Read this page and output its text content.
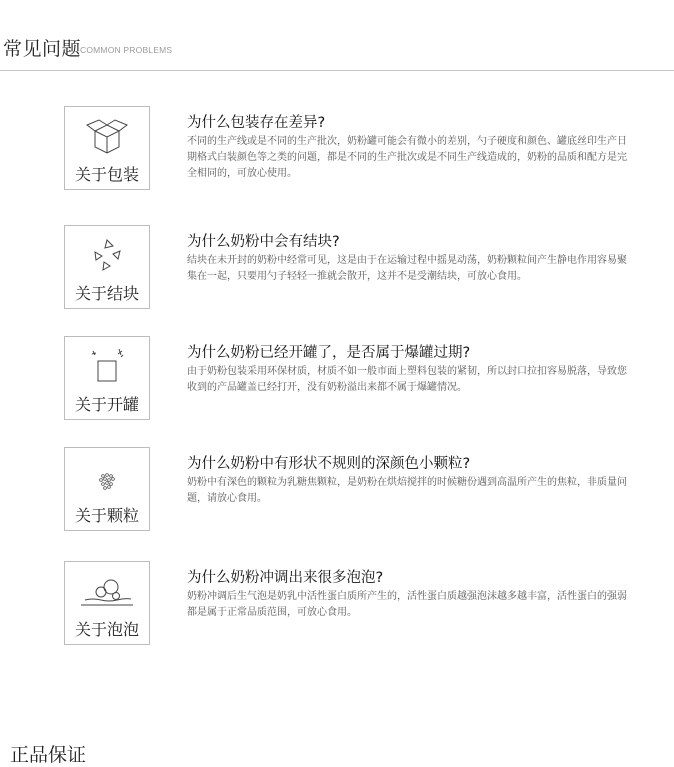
常见问题
COMMON PROBLEMS
关于包装
为什么包装存在差异?
不同的生产线或是不同的生产批次，奶粉罐可能会有微小的差别，勺子硬度和颜色、罐底丝印生产日期格式白装颜色等之类的问题，都是不同的生产批次或是不同生产线造成的，奶粉的品质和配方是完全相同的，可放心使用。
关于结块
为什么奶粉中会有结块?
结块在未开封的奶粉中经常可见，这是由于在运输过程中摇晃动荡，奶粉颗粒间产生静电作用容易聚集在一起，只要用勺子轻轻一推就会散开，这并不是受潮结块，可放心食用。
关于开罐
为什么奶粉已经开罐了，是否属于爆罐过期?
由于奶粉包装采用环保材质，材质不如一般市面上塑料包装的紧韧，所以封口拉扣容易脱落，导致您收到的产品罐盖已经打开，没有奶粉溢出来都不属于爆罐情况。
关于颗粒
为什么奶粉中有形状不规则的深颜色小颗粒?
奶粉中有深色的颗粒为乳糖焦颗粒，是奶粉在烘焙搅拌的时候糖份遇到高温所产生的焦粒，非质量问题，请放心食用。
关于泡泡
为什么奶粉冲调出来很多泡泡?
奶粉冲调后生气泡是奶乳中活性蛋白质所产生的，活性蛋白质越强泡沫越多越丰富，活性蛋白的强弱都是属于正常品质范围，可放心食用。
正品保证
